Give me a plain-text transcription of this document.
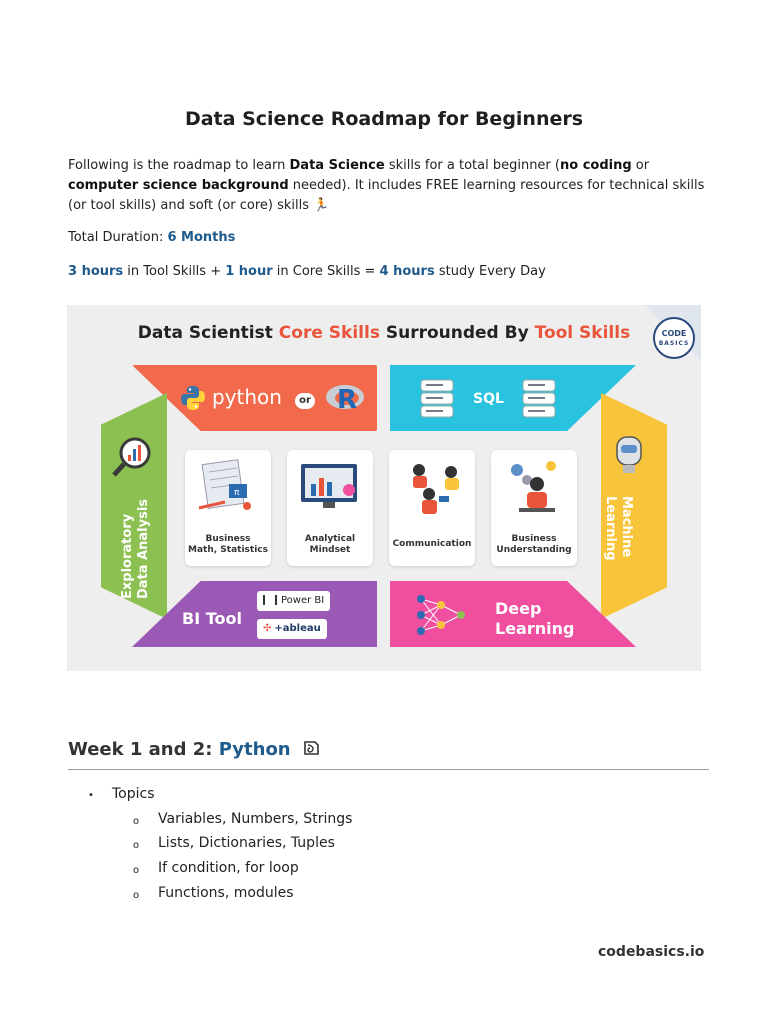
Data Science Roadmap for Beginners
Following is the roadmap to learn Data Science skills for a total beginner (no coding or computer science background needed). It includes FREE learning resources for technical skills (or tool skills) and soft (or core) skills 🏃
Total Duration: 6 Months
3 hours in Tool Skills + 1 hour in Core Skills = 4 hours study Every Day
CODE
BASICS
Data Scientist Core Skills Surrounded By Tool Skills
python	or R	SQL
Exploratory Data Analysis	Machine
Learning
BI Tool
Power BI
✣ +ableau
Deep
Learning
π
Business
Math, Statistics
Analytical
Mindset
Communication	Business
Understanding
Week 1 and 2: Python
• Topics
o Variables, Numbers, Strings
o Lists, Dictionaries, Tuples
o If condition, for loop
o Functions, modules
codebasics.io
